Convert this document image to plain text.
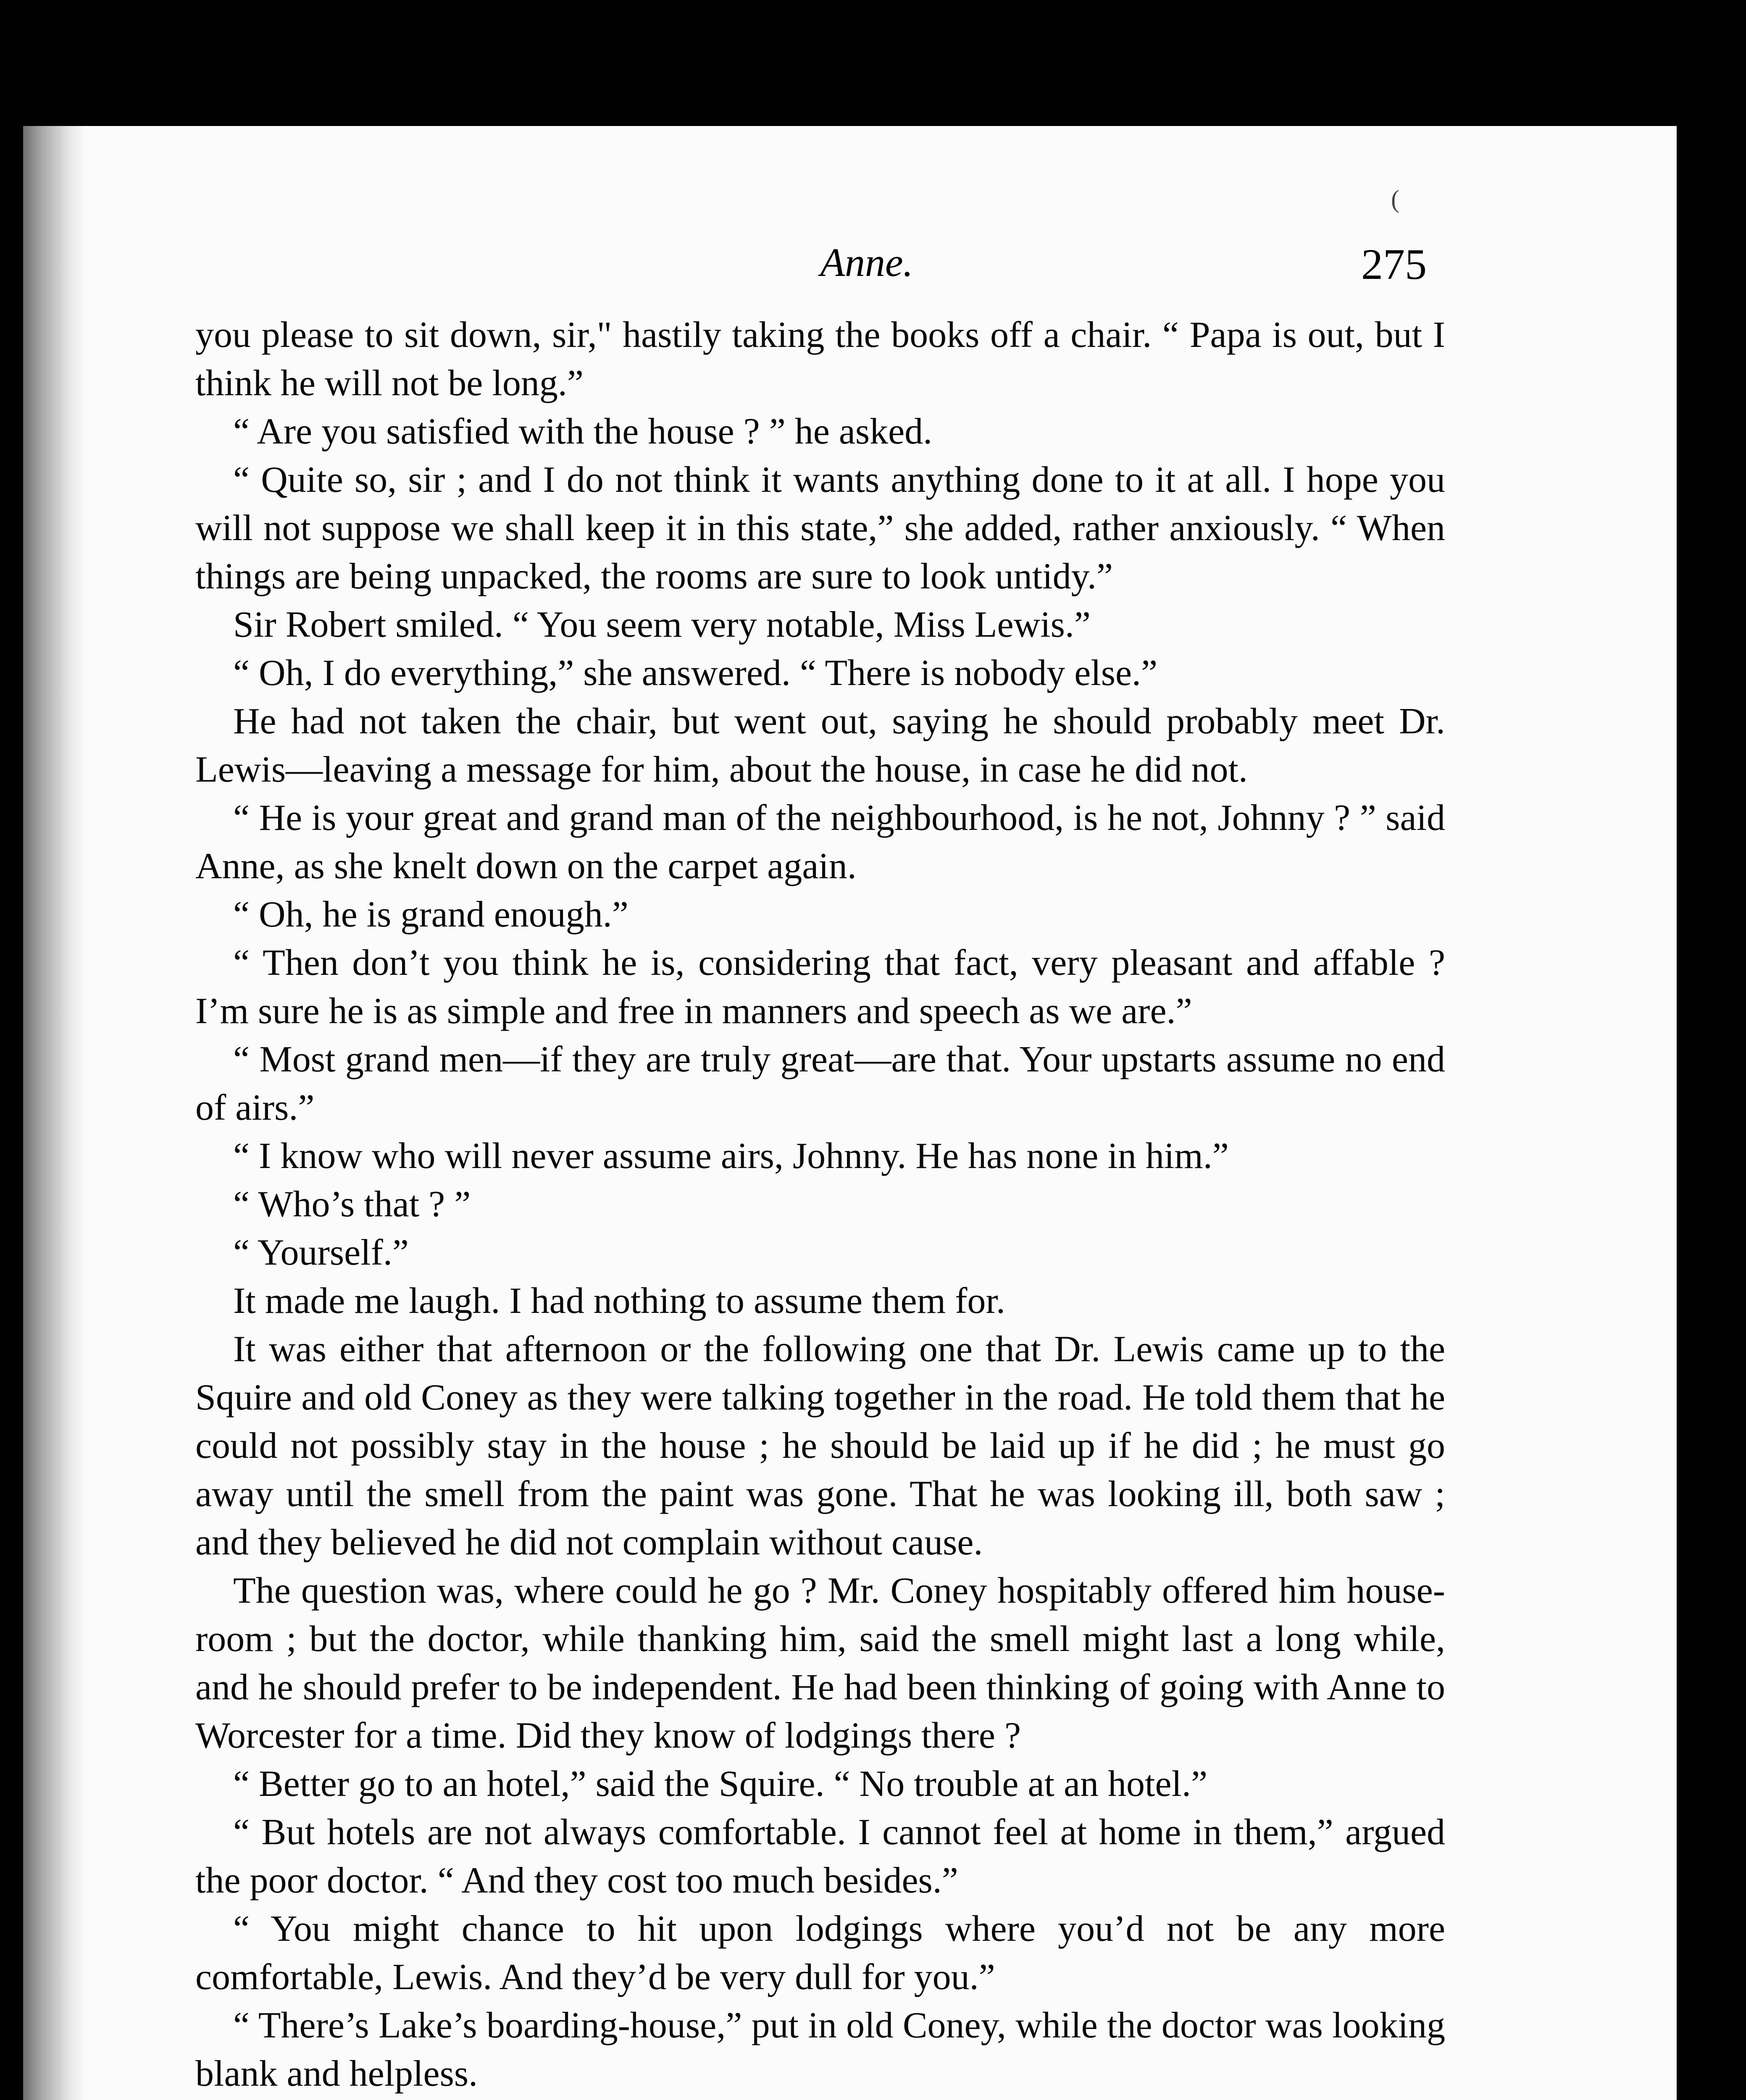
(
Anne.	275

you please to sit down, sir," hastily taking the books off a chair. “ Papa is out, but I think he will not be long.”

“ Are you satisfied with the house ? ” he asked.

“ Quite so, sir ; and I do not think it wants anything done to it at all. I hope you will not suppose we shall keep it in this state,” she added, rather anxiously. “ When things are being unpacked, the rooms are sure to look untidy.”

Sir Robert smiled. “ You seem very notable, Miss Lewis.”

“ Oh, I do everything,” she answered. “ There is nobody else.”

He had not taken the chair, but went out, saying he should probably meet Dr. Lewis—leaving a message for him, about the house, in case he did not.

“ He is your great and grand man of the neighbourhood, is he not, Johnny ? ” said Anne, as she knelt down on the carpet again.

“ Oh, he is grand enough.”

“ Then don’t you think he is, considering that fact, very pleasant and affable ? I’m sure he is as simple and free in manners and speech as we are.”

“ Most grand men—if they are truly great—are that. Your upstarts assume no end of airs.”

“ I know who will never assume airs, Johnny. He has none in him.”

“ Who’s that ? ”

“ Yourself.”

It made me laugh. I had nothing to assume them for.

It was either that afternoon or the following one that Dr. Lewis came up to the Squire and old Coney as they were talking together in the road. He told them that he could not possibly stay in the house ; he should be laid up if he did ; he must go away until the smell from the paint was gone. That he was looking ill, both saw ; and they believed he did not complain without cause.

The question was, where could he go ? Mr. Coney hospitably offered him house-room ; but the doctor, while thanking him, said the smell might last a long while, and he should prefer to be independent. He had been thinking of going with Anne to Worcester for a time. Did they know of lodgings there ?

“ Better go to an hotel,” said the Squire. “ No trouble at an hotel.”

“ But hotels are not always comfortable. I cannot feel at home in them,” argued the poor doctor. “ And they cost too much besides.”

“ You might chance to hit upon lodgings where you’d not be any more comfortable, Lewis. And they’d be very dull for you.”

“ There’s Lake’s boarding-house,” put in old Coney, while the doctor was looking blank and helpless.
